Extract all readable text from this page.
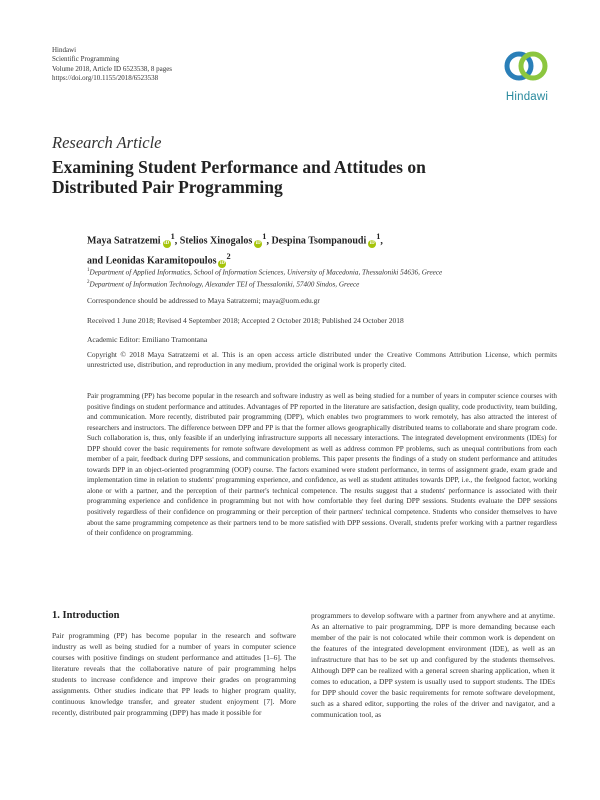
Hindawi
Scientific Programming
Volume 2018, Article ID 6523538, 8 pages
https://doi.org/10.1155/2018/6523538
Hindawi
Research Article
Examining Student Performance and Attitudes on Distributed Pair Programming
Maya Satratzemi $iD^1$, Stelios Xinogalos $iD^1$, Despina Tsompanoudi $iD^1$,
and Leonidas Karamitopoulos $iD^2$
$^1$Department of Applied Informatics, School of Information Sciences, University of Macedonia, Thessaloniki 54636, Greece
$^2$Department of Information Technology, Alexander TEI of Thessaloniki, 57400 Sindos, Greece
Correspondence should be addressed to Maya Satratzemi; maya@uom.edu.gr
Received 1 June 2018; Revised 4 September 2018; Accepted 2 October 2018; Published 24 October 2018
Academic Editor: Emiliano Tramontana
Copyright © 2018 Maya Satratzemi et al. This is an open access article distributed under the Creative Commons Attribution License, which permits unrestricted use, distribution, and reproduction in any medium, provided the original work is properly cited.
Pair programming (PP) has become popular in the research and software industry as well as being studied for a number of years in computer science courses with positive findings on student performance and attitudes. Advantages of PP reported in the literature are satisfaction, design quality, code productivity, team building, and communication. More recently, distributed pair programming (DPP), which enables two programmers to work remotely, has also attracted the interest of researchers and instructors. The difference between DPP and PP is that the former allows geographically distributed teams to collaborate and share program code. Such collaboration is, thus, only feasible if an underlying infrastructure supports all necessary interactions. The integrated development environments (IDEs) for DPP should cover the basic requirements for remote software development as well as address common PP problems, such as unequal contributions from each member of a pair, feedback during DPP sessions, and communication problems. This paper presents the findings of a study on student performance and attitudes towards DPP in an object-oriented programming (OOP) course. The factors examined were student performance, in terms of assignment grade, exam grade and implementation time in relation to students' programming experience, and confidence, as well as student attitudes towards DPP, i.e., the feelgood factor, working alone or with a partner, and the perception of their partner's technical competence. The results suggest that a students' performance is associated with their programming experience and confidence in programming but not with how comfortable they feel during DPP sessions. Students evaluate the DPP sessions positively regardless of their confidence on programming or their perception of their partners' technical competence. Students who consider themselves to have about the same programming competence as their partners tend to be more satisfied with DPP sessions. Overall, students prefer working with a partner regardless of their confidence on programming.
1. Introduction
Pair programming (PP) has become popular in the research and software industry as well as being studied for a number of years in computer science courses with positive findings on student performance and attitudes [1–6]. The literature reveals that the collaborative nature of pair programming helps students to increase confidence and improve their grades on programming assignments. Other studies indicate that PP leads to higher program quality, continuous knowledge transfer, and greater student enjoyment [7]. More recently, distributed pair programming (DPP) has made it possible for
programmers to develop software with a partner from anywhere and at anytime. As an alternative to pair programming, DPP is more demanding because each member of the pair is not colocated while their common work is dependent on the features of the integrated development environment (IDE), as well as an infrastructure that has to be set up and configured by the students themselves. Although DPP can be realized with a general screen sharing application, when it comes to education, a DPP system is usually used to support students. The IDEs for DPP should cover the basic requirements for remote software development, such as a shared editor, supporting the roles of the driver and navigator, and a communication tool, as
